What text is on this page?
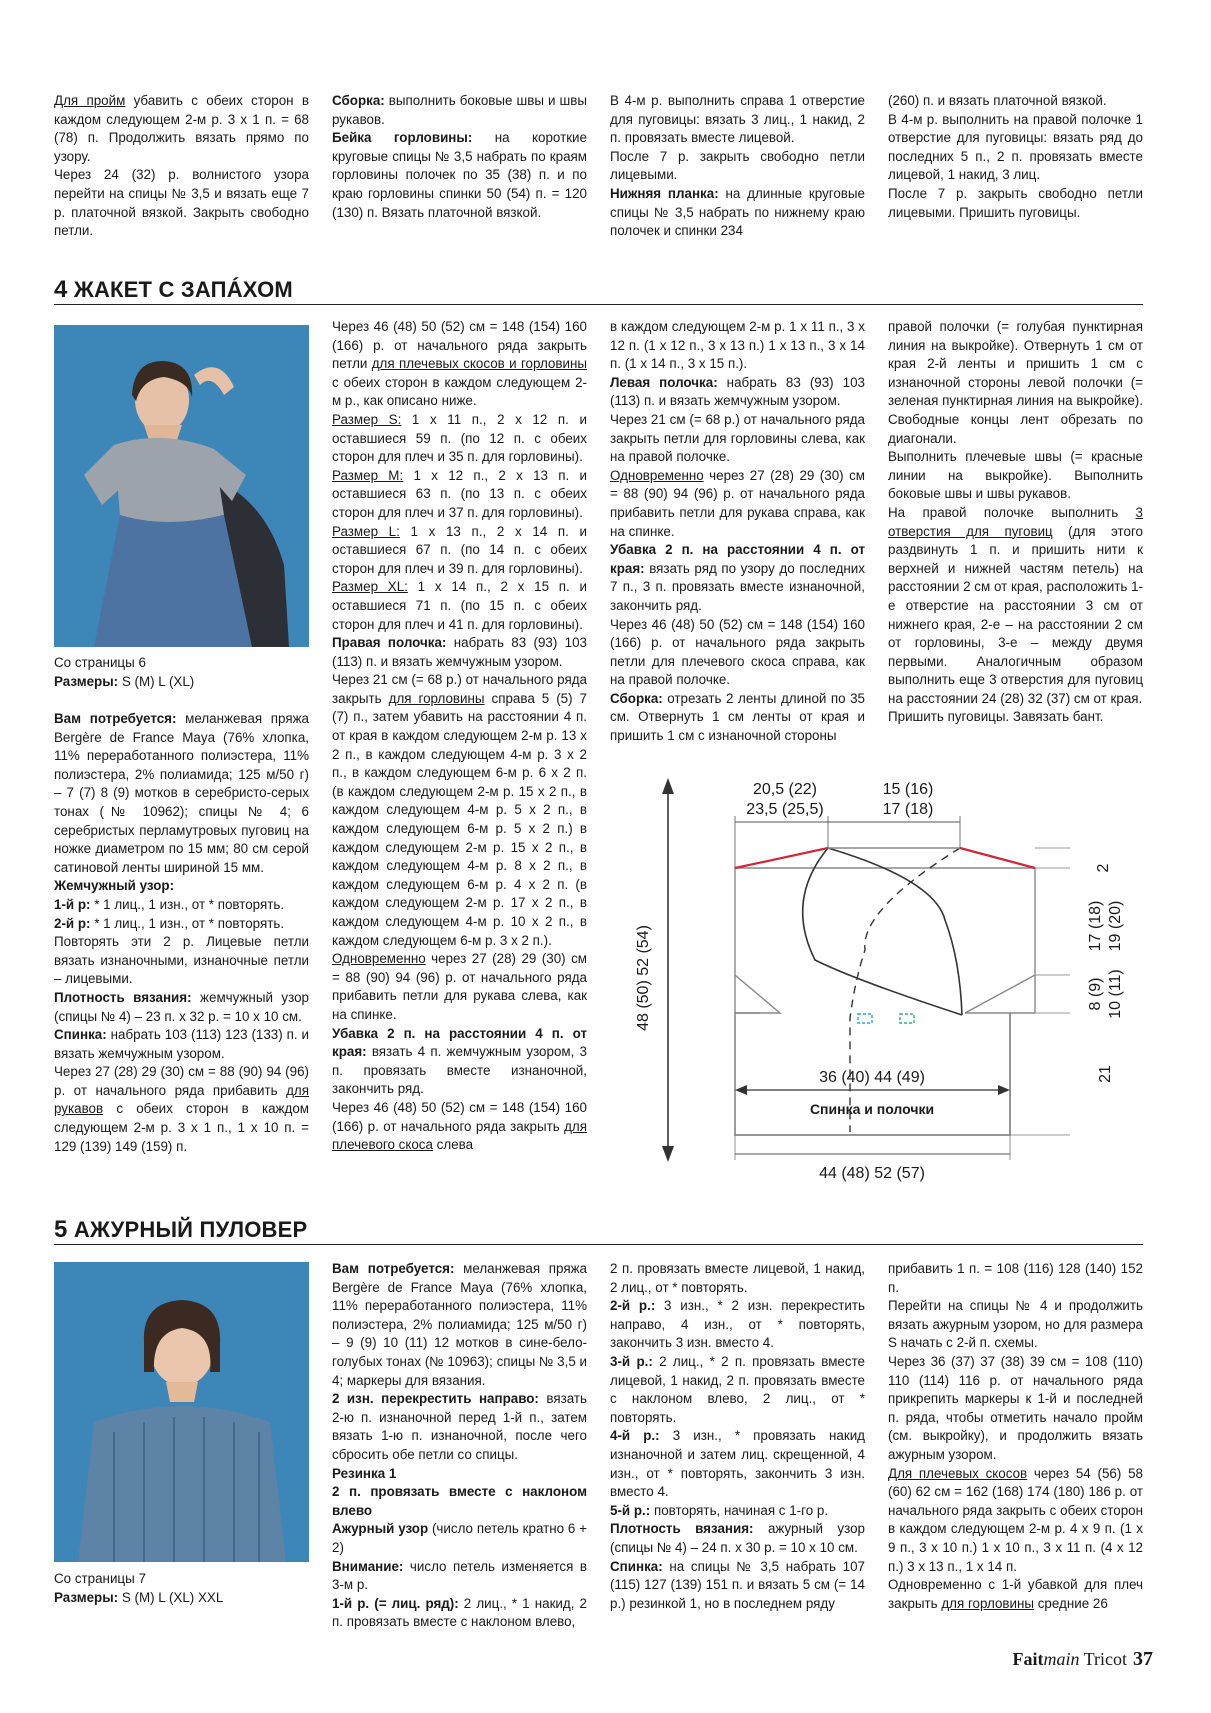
Для пройм убавить с обеих сторон в каждом следующем 2-м р. 3 х 1 п. = 68 (78) п. Продолжить вязать прямо по узору.

Через 24 (32) р. волнистого узора перейти на спицы № 3,5 и вязать еще 7 р. платочной вязкой. Закрыть свободно петли.

Сборка: выполнить боковые швы и швы рукавов.

Бейка горловины: на короткие круговые спицы № 3,5 набрать по краям горловины полочек по 35 (38) п. и по краю горловины спинки 50 (54) п. = 120 (130) п. Вязать платочной вязкой.

В 4-м р. выполнить справа 1 отверстие для пуговицы: вязать 3 лиц., 1 накид, 2 п. провязать вместе лицевой.

После 7 р. закрыть свободно петли лицевыми.

Нижняя планка: на длинные круговые спицы № 3,5 набрать по нижнему краю полочек и спинки 234

(260) п. и вязать платочной вязкой.

В 4-м р. выполнить на правой полочке 1 отверстие для пуговицы: вязать ряд до последних 5 п., 2 п. провязать вместе лицевой, 1 накид, 3 лиц.

После 7 р. закрыть свободно петли лицевыми. Пришить пуговицы.

4 ЖАКЕТ С ЗАПÁХОМ
Со страницы 6
Размеры: S (M) L (XL)

Вам потребуется: меланжевая пряжа Bergère de France Maya (76% хлопка, 11% переработанного полиэстера, 11% полиэстера, 2% полиамида; 125 м/50 г) – 7 (7) 8 (9) мотков в серебристо-серых тонах (№ 10962); спицы № 4; 6 серебристых перламутровых пуговиц на ножке диаметром по 15 мм; 80 см серой сатиновой ленты шириной 15 мм.

Жемчужный узор:

1-й р: * 1 лиц., 1 изн., от * повторять.

2-й р: * 1 лиц., 1 изн., от * повторять.

Повторять эти 2 р. Лицевые петли вязать изнаночными, изнаночные петли – лицевыми.

Плотность вязания: жемчужный узор (спицы № 4) – 23 п. х 32 р. = 10 х 10 см.

Спинка: набрать 103 (113) 123 (133) п. и вязать жемчужным узором.

Через 27 (28) 29 (30) см = 88 (90) 94 (96) р. от начального ряда прибавить для рукавов с обеих сторон в каждом следующем 2-м р. 3 х 1 п., 1 х 10 п. = 129 (139) 149 (159) п.

Через 46 (48) 50 (52) см = 148 (154) 160 (166) р. от начального ряда закрыть петли для плечевых скосов и горловины с обеих сторон в каждом следующем 2-м р., как описано ниже.

Размер S: 1 х 11 п., 2 х 12 п. и оставшиеся 59 п. (по 12 п. с обеих сторон для плеч и 35 п. для горловины).

Размер М: 1 х 12 п., 2 х 13 п. и оставшиеся 63 п. (по 13 п. с обеих сторон для плеч и 37 п. для горловины).

Размер L: 1 х 13 п., 2 х 14 п. и оставшиеся 67 п. (по 14 п. с обеих сторон для плеч и 39 п. для горловины).

Размер XL: 1 х 14 п., 2 х 15 п. и оставшиеся 71 п. (по 15 п. с обеих сторон для плеч и 41 п. для горловины).

Правая полочка: набрать 83 (93) 103 (113) п. и вязать жемчужным узором.

Через 21 см (= 68 р.) от начального ряда закрыть для горловины справа 5 (5) 7 (7) п., затем убавить на расстоянии 4 п. от края в каждом следующем 2-м р. 13 х 2 п., в каждом следующем 4-м р. 3 х 2 п., в каждом следующем 6-м р. 6 х 2 п. (в каждом следующем 2-м р. 15 х 2 п., в каждом следующем 4-м р. 5 х 2 п., в каждом следующем 6-м р. 5 х 2 п.) в каждом следующем 2-м р. 15 х 2 п., в каждом следующем 4-м р. 8 х 2 п., в каждом следующем 6-м р. 4 х 2 п. (в каждом следующем 2-м р. 17 х 2 п., в каждом следующем 4-м р. 10 х 2 п., в каждом следующем 6-м р. 3 х 2 п.).

Одновременно через 27 (28) 29 (30) см = 88 (90) 94 (96) р. от начального ряда прибавить петли для рукава слева, как на спинке.

Убавка 2 п. на расстоянии 4 п. от края: вязать 4 п. жемчужным узором, 3 п. провязать вместе изнаночной, закончить ряд.

Через 46 (48) 50 (52) см = 148 (154) 160 (166) р. от начального ряда закрыть для плечевого скоса слева

в каждом следующем 2-м р. 1 х 11 п., 3 х 12 п. (1 х 12 п., 3 х 13 п.) 1 х 13 п., 3 х 14 п. (1 х 14 п., 3 х 15 п.).

Левая полочка: набрать 83 (93) 103 (113) п. и вязать жемчужным узором.

Через 21 см (= 68 р.) от начального ряда закрыть петли для горловины слева, как на правой полочке.

Одновременно через 27 (28) 29 (30) см = 88 (90) 94 (96) р. от начального ряда прибавить петли для рукава справа, как на спинке.

Убавка 2 п. на расстоянии 4 п. от края: вязать ряд по узору до последних 7 п., 3 п. провязать вместе изнаночной, закончить ряд.

Через 46 (48) 50 (52) см = 148 (154) 160 (166) р. от начального ряда закрыть петли для плечевого скоса справа, как на правой полочке.

Сборка: отрезать 2 ленты длиной по 35 см. Отвернуть 1 см ленты от края и пришить 1 см с изнаночной стороны

правой полочки (= голубая пунктирная линия на выкройке). Отвернуть 1 см от края 2-й ленты и пришить 1 см с изнаночной стороны левой полочки (= зеленая пунктирная линия на выкройке). Свободные концы лент обрезать по диагонали.

Выполнить плечевые швы (= красные линии на выкройке). Выполнить боковые швы и швы рукавов.

На правой полочке выполнить 3 отверстия для пуговиц (для этого раздвинуть 1 п. и пришить нити к верхней и нижней частям петель) на расстоянии 2 см от края, расположить 1-е отверстие на расстоянии 3 см от нижнего края, 2-е – на расстоянии 2 см от горловины, 3-е – между двумя первыми. Аналогичным образом выполнить еще 3 отверстия для пуговиц на расстоянии 24 (28) 32 (37) см от края.

Пришить пуговицы. Завязать бант.

20,5 (22)
23,5 (25,5)
15 (16)
17 (18)
2
17 (18) 19 (20)
8 (9) 10 (11)
21
48 (50) 52 (54)
36 (40) 44 (49)
Спинка и полочки
44 (48) 52 (57)
5 АЖУРНЫЙ ПУЛОВЕР
Со страницы 7
Размеры: S (M) L (XL) XXL

Вам потребуется: меланжевая пряжа Bergère de France Maya (76% хлопка, 11% переработанного полиэстера, 11% полиэстера, 2% полиамида; 125 м/50 г) – 9 (9) 10 (11) 12 мотков в сине-бело-голубых тонах (№ 10963); спицы № 3,5 и 4; маркеры для вязания.

2 изн. перекрестить направо: вязать 2-ю п. изнаночной перед 1-й п., затем вязать 1-ю п. изнаночной, после чего сбросить обе петли со спицы.

Резинка 1

2 п. провязать вместе с наклоном влево

Ажурный узор (число петель кратно 6 + 2)

Внимание: число петель изменяется в 3-м р.

1-й р. (= лиц. ряд): 2 лиц., * 1 накид, 2 п. провязать вместе с наклоном влево,

2 п. провязать вместе лицевой, 1 накид, 2 лиц., от * повторять.

2-й р.: 3 изн., * 2 изн. перекрестить направо, 4 изн., от * повторять, закончить 3 изн. вместо 4.

3-й р.: 2 лиц., * 2 п. провязать вместе лицевой, 1 накид, 2 п. провязать вместе с наклоном влево, 2 лиц., от * повторять.

4-й р.: 3 изн., * провязать накид изнаночной и затем лиц. скрещенной, 4 изн., от * повторять, закончить 3 изн. вместо 4.

5-й р.: повторять, начиная с 1-го р.

Плотность вязания: ажурный узор (спицы № 4) – 24 п. х 30 р. = 10 х 10 см.

Спинка: на спицы № 3,5 набрать 107 (115) 127 (139) 151 п. и вязать 5 см (= 14 р.) резинкой 1, но в последнем ряду

прибавить 1 п. = 108 (116) 128 (140) 152 п.

Перейти на спицы № 4 и продолжить вязать ажурным узором, но для размера S начать с 2-й п. схемы.

Через 36 (37) 37 (38) 39 см = 108 (110) 110 (114) 116 р. от начального ряда прикрепить маркеры к 1-й и последней п. ряда, чтобы отметить начало пройм (см. выкройку), и продолжить вязать ажурным узором.

Для плечевых скосов через 54 (56) 58 (60) 62 см = 162 (168) 174 (180) 186 р. от начального ряда закрыть с обеих сторон в каждом следующем 2-м р. 4 х 9 п. (1 х 9 п., 3 х 10 п.) 1 х 10 п., 3 х 11 п. (4 х 12 п.) 3 х 13 п., 1 х 14 п.

Одновременно с 1-й убавкой для плеч закрыть для горловины средние 26

Faitmain Tricot 37
